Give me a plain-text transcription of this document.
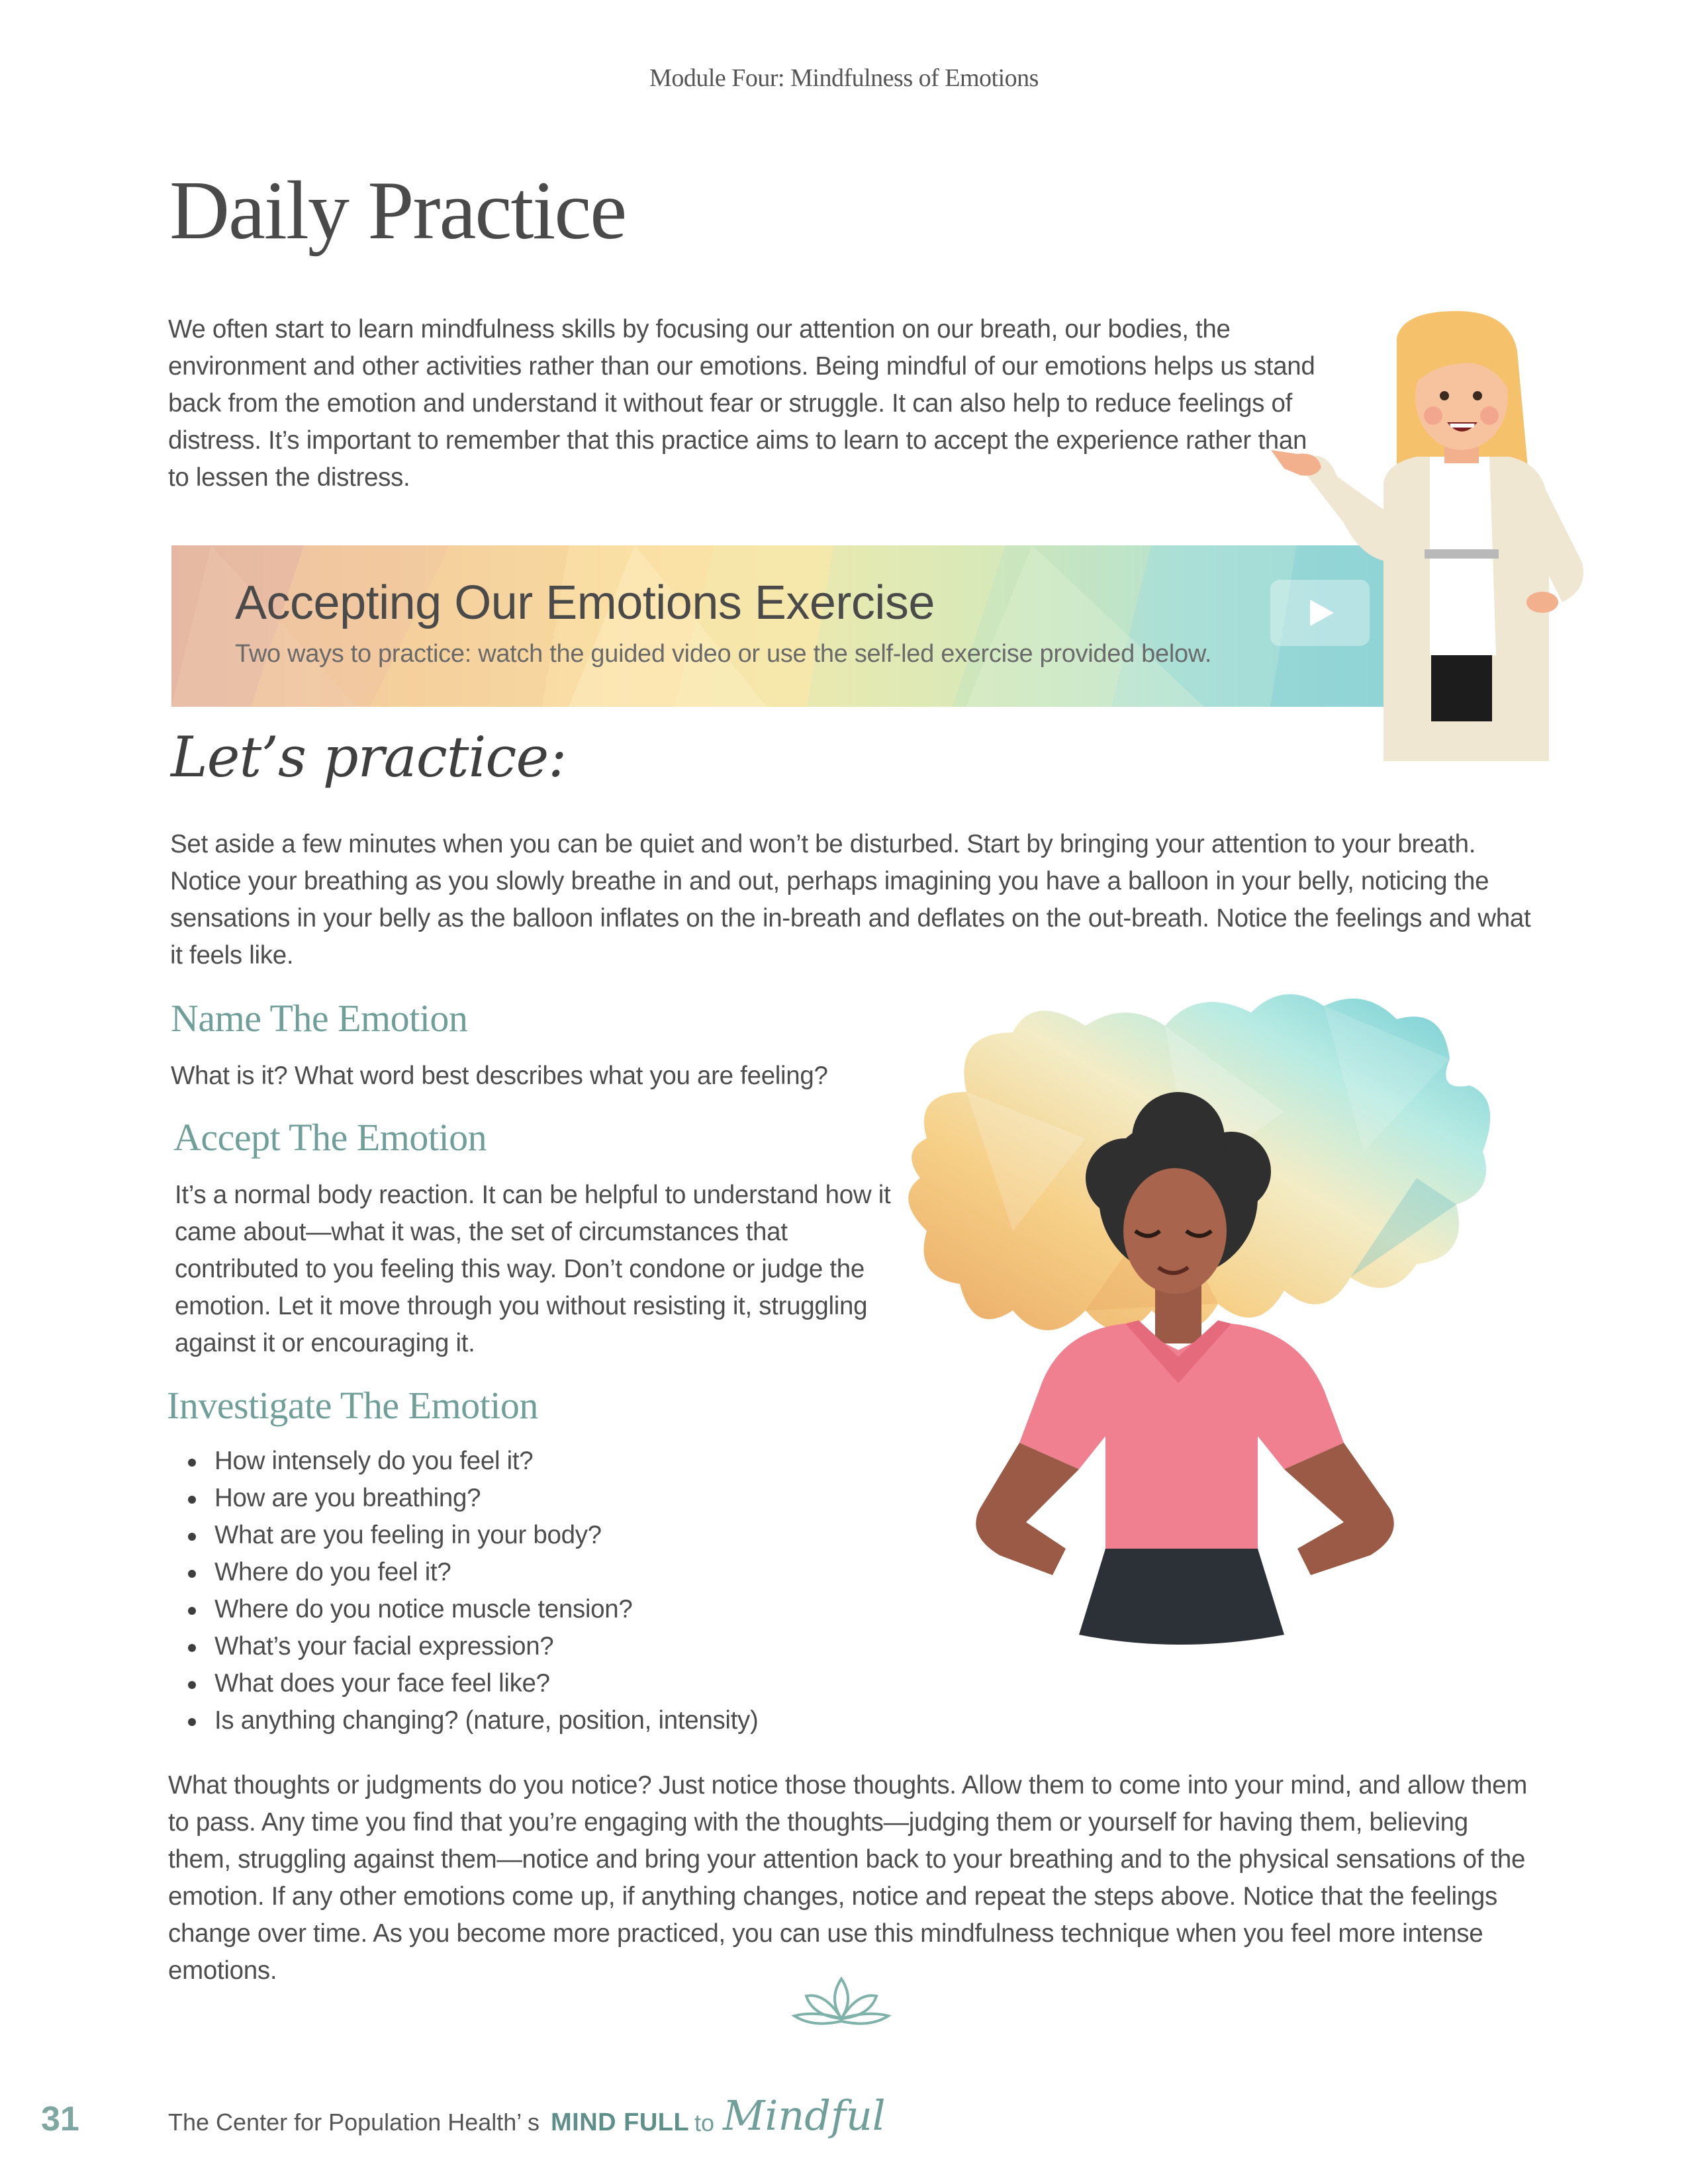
Module Four: Mindfulness of Emotions
Daily Practice
We often start to learn mindfulness skills by focusing our attention on our breath, our bodies, the environment and other activities rather than our emotions. Being mindful of our emotions helps us stand back from the emotion and understand it without fear or struggle. It can also help to reduce feelings of distress. It’s important to remember that this practice aims to learn to accept the experience rather than to lessen the distress.
Accepting Our Emotions Exercise
Two ways to practice: watch the guided video or use the self-led exercise provided below.
Let’s practice:
Set aside a few minutes when you can be quiet and won’t be disturbed. Start by bringing your attention to your breath. Notice your breathing as you slowly breathe in and out, perhaps imagining you have a balloon in your belly, noticing the sensations in your belly as the balloon inflates on the in-breath and deflates on the out-breath. Notice the feelings and what it feels like.
Name The Emotion
What is it? What word best describes what you are feeling?
Accept The Emotion
It’s a normal body reaction. It can be helpful to understand how it came about—what it was, the set of circumstances that contributed to you feeling this way. Don’t condone or judge the emotion. Let it move through you without resisting it, struggling against it or encouraging it.
Investigate The Emotion
How intensely do you feel it?
How are you breathing?
What are you feeling in your body?
Where do you feel it?
Where do you notice muscle tension?
What’s your facial expression?
What does your face feel like?
Is anything changing? (nature, position, intensity)
What thoughts or judgments do you notice? Just notice those thoughts. Allow them to come into your mind, and allow them to pass. Any time you find that you’re engaging with the thoughts—judging them or yourself for having them, believing them, struggling against them—notice and bring your attention back to your breathing and to the physical sensations of the emotion. If any other emotions come up, if anything changes, notice and repeat the steps above. Notice that the feelings change over time. As you become more practiced, you can use this mindfulness technique when you feel more intense emotions.
31	The Center for Population Health’ s MIND FULL to Mindful
